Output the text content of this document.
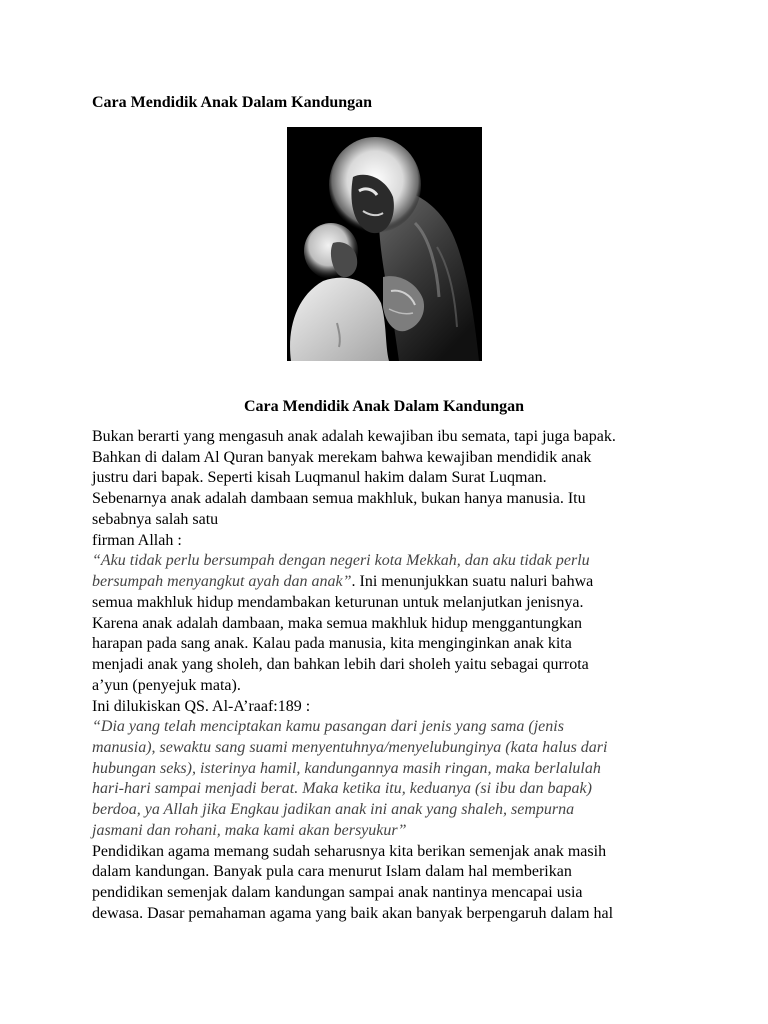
Cara Mendidik Anak Dalam Kandungan
Cara Mendidik Anak Dalam Kandungan
Bukan berarti yang mengasuh anak adalah kewajiban ibu semata, tapi juga bapak.
Bahkan di dalam Al Quran banyak merekam bahwa kewajiban mendidik anak
justru dari bapak. Seperti kisah Luqmanul hakim dalam Surat Luqman.
Sebenarnya anak adalah dambaan semua makhluk, bukan hanya manusia. Itu
sebabnya salah satu
firman Allah :
“Aku tidak perlu bersumpah dengan negeri kota Mekkah, dan aku tidak perlu
bersumpah menyangkut ayah dan anak”. Ini menunjukkan suatu naluri bahwa
semua makhluk hidup mendambakan keturunan untuk melanjutkan jenisnya.
Karena anak adalah dambaan, maka semua makhluk hidup menggantungkan
harapan pada sang anak. Kalau pada manusia, kita menginginkan anak kita
menjadi anak yang sholeh, dan bahkan lebih dari sholeh yaitu sebagai qurrota
a’yun (penyejuk mata).
Ini dilukiskan QS. Al-A’raaf:189 :
“Dia yang telah menciptakan kamu pasangan dari jenis yang sama (jenis
manusia), sewaktu sang suami menyentuhnya/menyelubunginya (kata halus dari
hubungan seks), isterinya hamil, kandungannya masih ringan, maka berlalulah
hari-hari sampai menjadi berat. Maka ketika itu, keduanya (si ibu dan bapak)
berdoa, ya Allah jika Engkau jadikan anak ini anak yang shaleh, sempurna
jasmani dan rohani, maka kami akan bersyukur”
Pendidikan agama memang sudah seharusnya kita berikan semenjak anak masih
dalam kandungan. Banyak pula cara menurut Islam dalam hal memberikan
pendidikan semenjak dalam kandungan sampai anak nantinya mencapai usia
dewasa. Dasar pemahaman agama yang baik akan banyak berpengaruh dalam hal
